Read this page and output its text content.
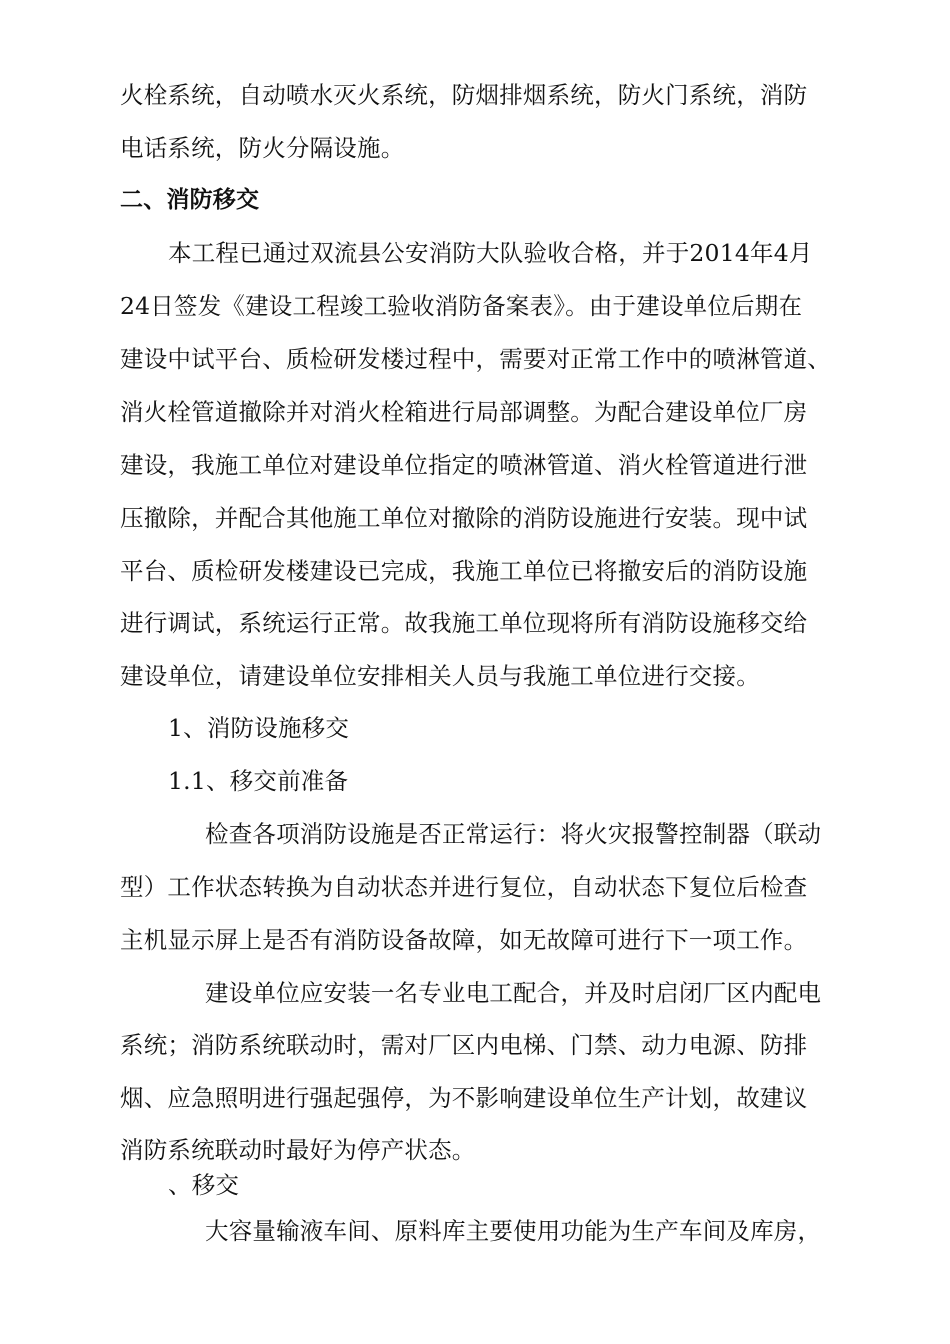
火栓系统，自动喷水灭火系统，防烟排烟系统，防火门系统，消防
电话系统，防火分隔设施。
二、消防移交
本工程已通过双流县公安消防大队验收合格，并于2014年4月
24日签发《建设工程竣工验收消防备案表》。由于建设单位后期在
建设中试平台、质检研发楼过程中，需要对正常工作中的喷淋管道、
消火栓管道撤除并对消火栓箱进行局部调整。为配合建设单位厂房
建设，我施工单位对建设单位指定的喷淋管道、消火栓管道进行泄
压撤除，并配合其他施工单位对撤除的消防设施进行安装。现中试
平台、质检研发楼建设已完成，我施工单位已将撤安后的消防设施
进行调试，系统运行正常。故我施工单位现将所有消防设施移交给
建设单位，请建设单位安排相关人员与我施工单位进行交接。
1、消防设施移交
1.1、移交前准备
检查各项消防设施是否正常运行：将火灾报警控制器（联动
型）工作状态转换为自动状态并进行复位，自动状态下复位后检查
主机显示屏上是否有消防设备故障，如无故障可进行下一项工作。
建设单位应安装一名专业电工配合，并及时启闭厂区内配电
系统；消防系统联动时，需对厂区内电梯、门禁、动力电源、防排
烟、应急照明进行强起强停，为不影响建设单位生产计划，故建议
消防系统联动时最好为停产状态。
、移交
大容量输液车间、原料库主要使用功能为生产车间及库房，
